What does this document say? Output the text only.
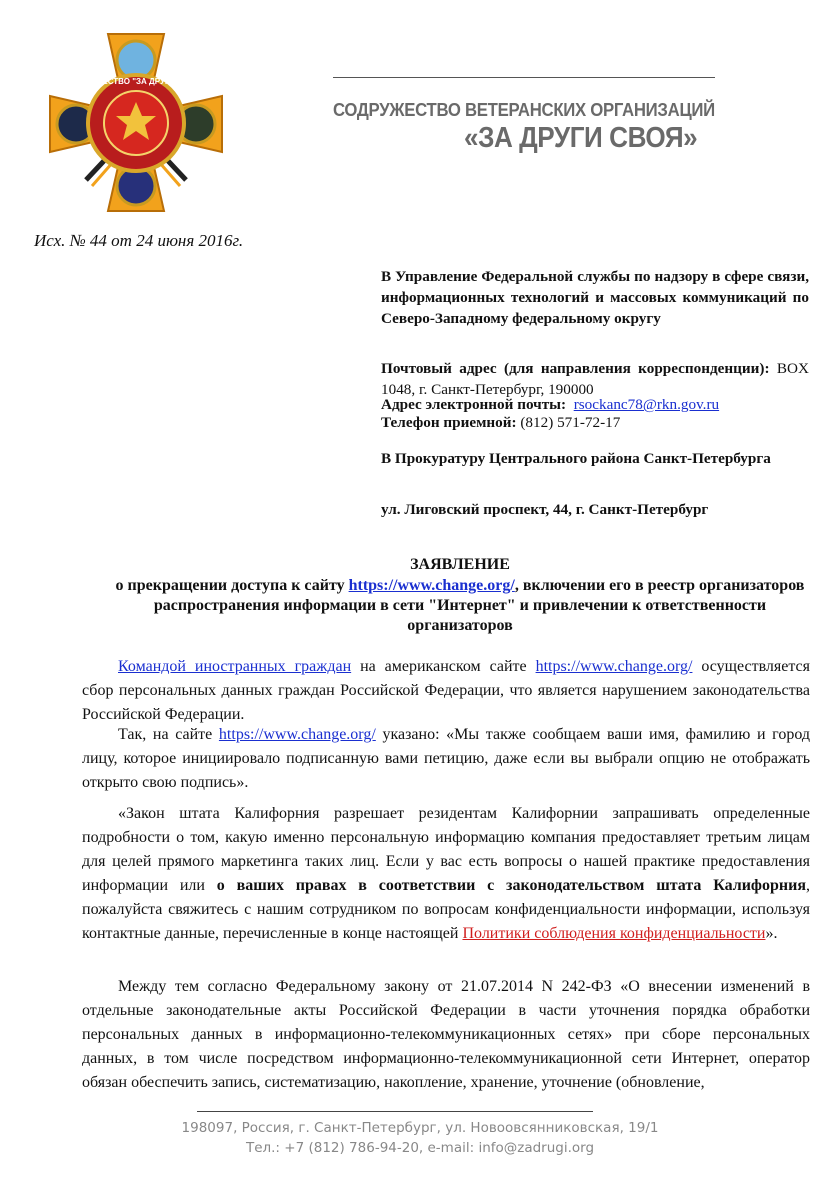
СОДРУЖЕСТВО "ЗА ДРУГИ СВОЯ"
СОДРУЖЕСТВО ВЕТЕРАНСКИХ ОРГАНИЗАЦИЙ
«ЗА ДРУГИ СВОЯ»
Исх. № 44 от 24 июня 2016г.
В Управление Федеральной службы по надзору в сфере связи, информационных технологий и массовых коммуникаций по Северо-Западному федеральному округу
Почтовый адрес (для направления корреспонденции): BOX 1048, г. Санкт-Петербург, 190000
Адрес электронной почты: rsockanc78@rkn.gov.ru
Телефон приемной: (812) 571-72-17
В Прокуратуру Центрального района Санкт-Петербурга
ул. Лиговский проспект, 44, г. Санкт-Петербург
ЗАЯВЛЕНИЕ
о прекращении доступа к сайту https://www.change.org/, включении его в реестр организаторов распространения информации в сети "Интернет" и привлечении к ответственности организаторов
Командой иностранных граждан на американском сайте https://www.change.org/ осуществляется сбор персональных данных граждан Российской Федерации, что является нарушением законодательства Российской Федерации.
Так, на сайте https://www.change.org/ указано: «Мы также сообщаем ваши имя, фамилию и город лицу, которое инициировало подписанную вами петицию, даже если вы выбрали опцию не отображать открыто свою подпись».
«Закон штата Калифорния разрешает резидентам Калифорнии запрашивать определенные подробности о том, какую именно персональную информацию компания предоставляет третьим лицам для целей прямого маркетинга таких лиц. Если у вас есть вопросы о нашей практике предоставления информации или о ваших правах в соответствии с законодательством штата Калифорния, пожалуйста свяжитесь с нашим сотрудником по вопросам конфиденциальности информации, используя контактные данные, перечисленные в конце настоящей Политики соблюдения конфиденциальности».
Между тем согласно Федеральному закону от 21.07.2014 N 242-ФЗ «О внесении изменений в отдельные законодательные акты Российской Федерации в части уточнения порядка обработки персональных данных в информационно-телекоммуникационных сетях» при сборе персональных данных, в том числе посредством информационно-телекоммуникационной сети Интернет, оператор обязан обеспечить запись, систематизацию, накопление, хранение, уточнение (обновление,
198097, Россия, г. Санкт-Петербург, ул. Новоовсянниковская, 19/1
Тел.: +7 (812) 786-94-20, e-mail: info@zadrugi.org
